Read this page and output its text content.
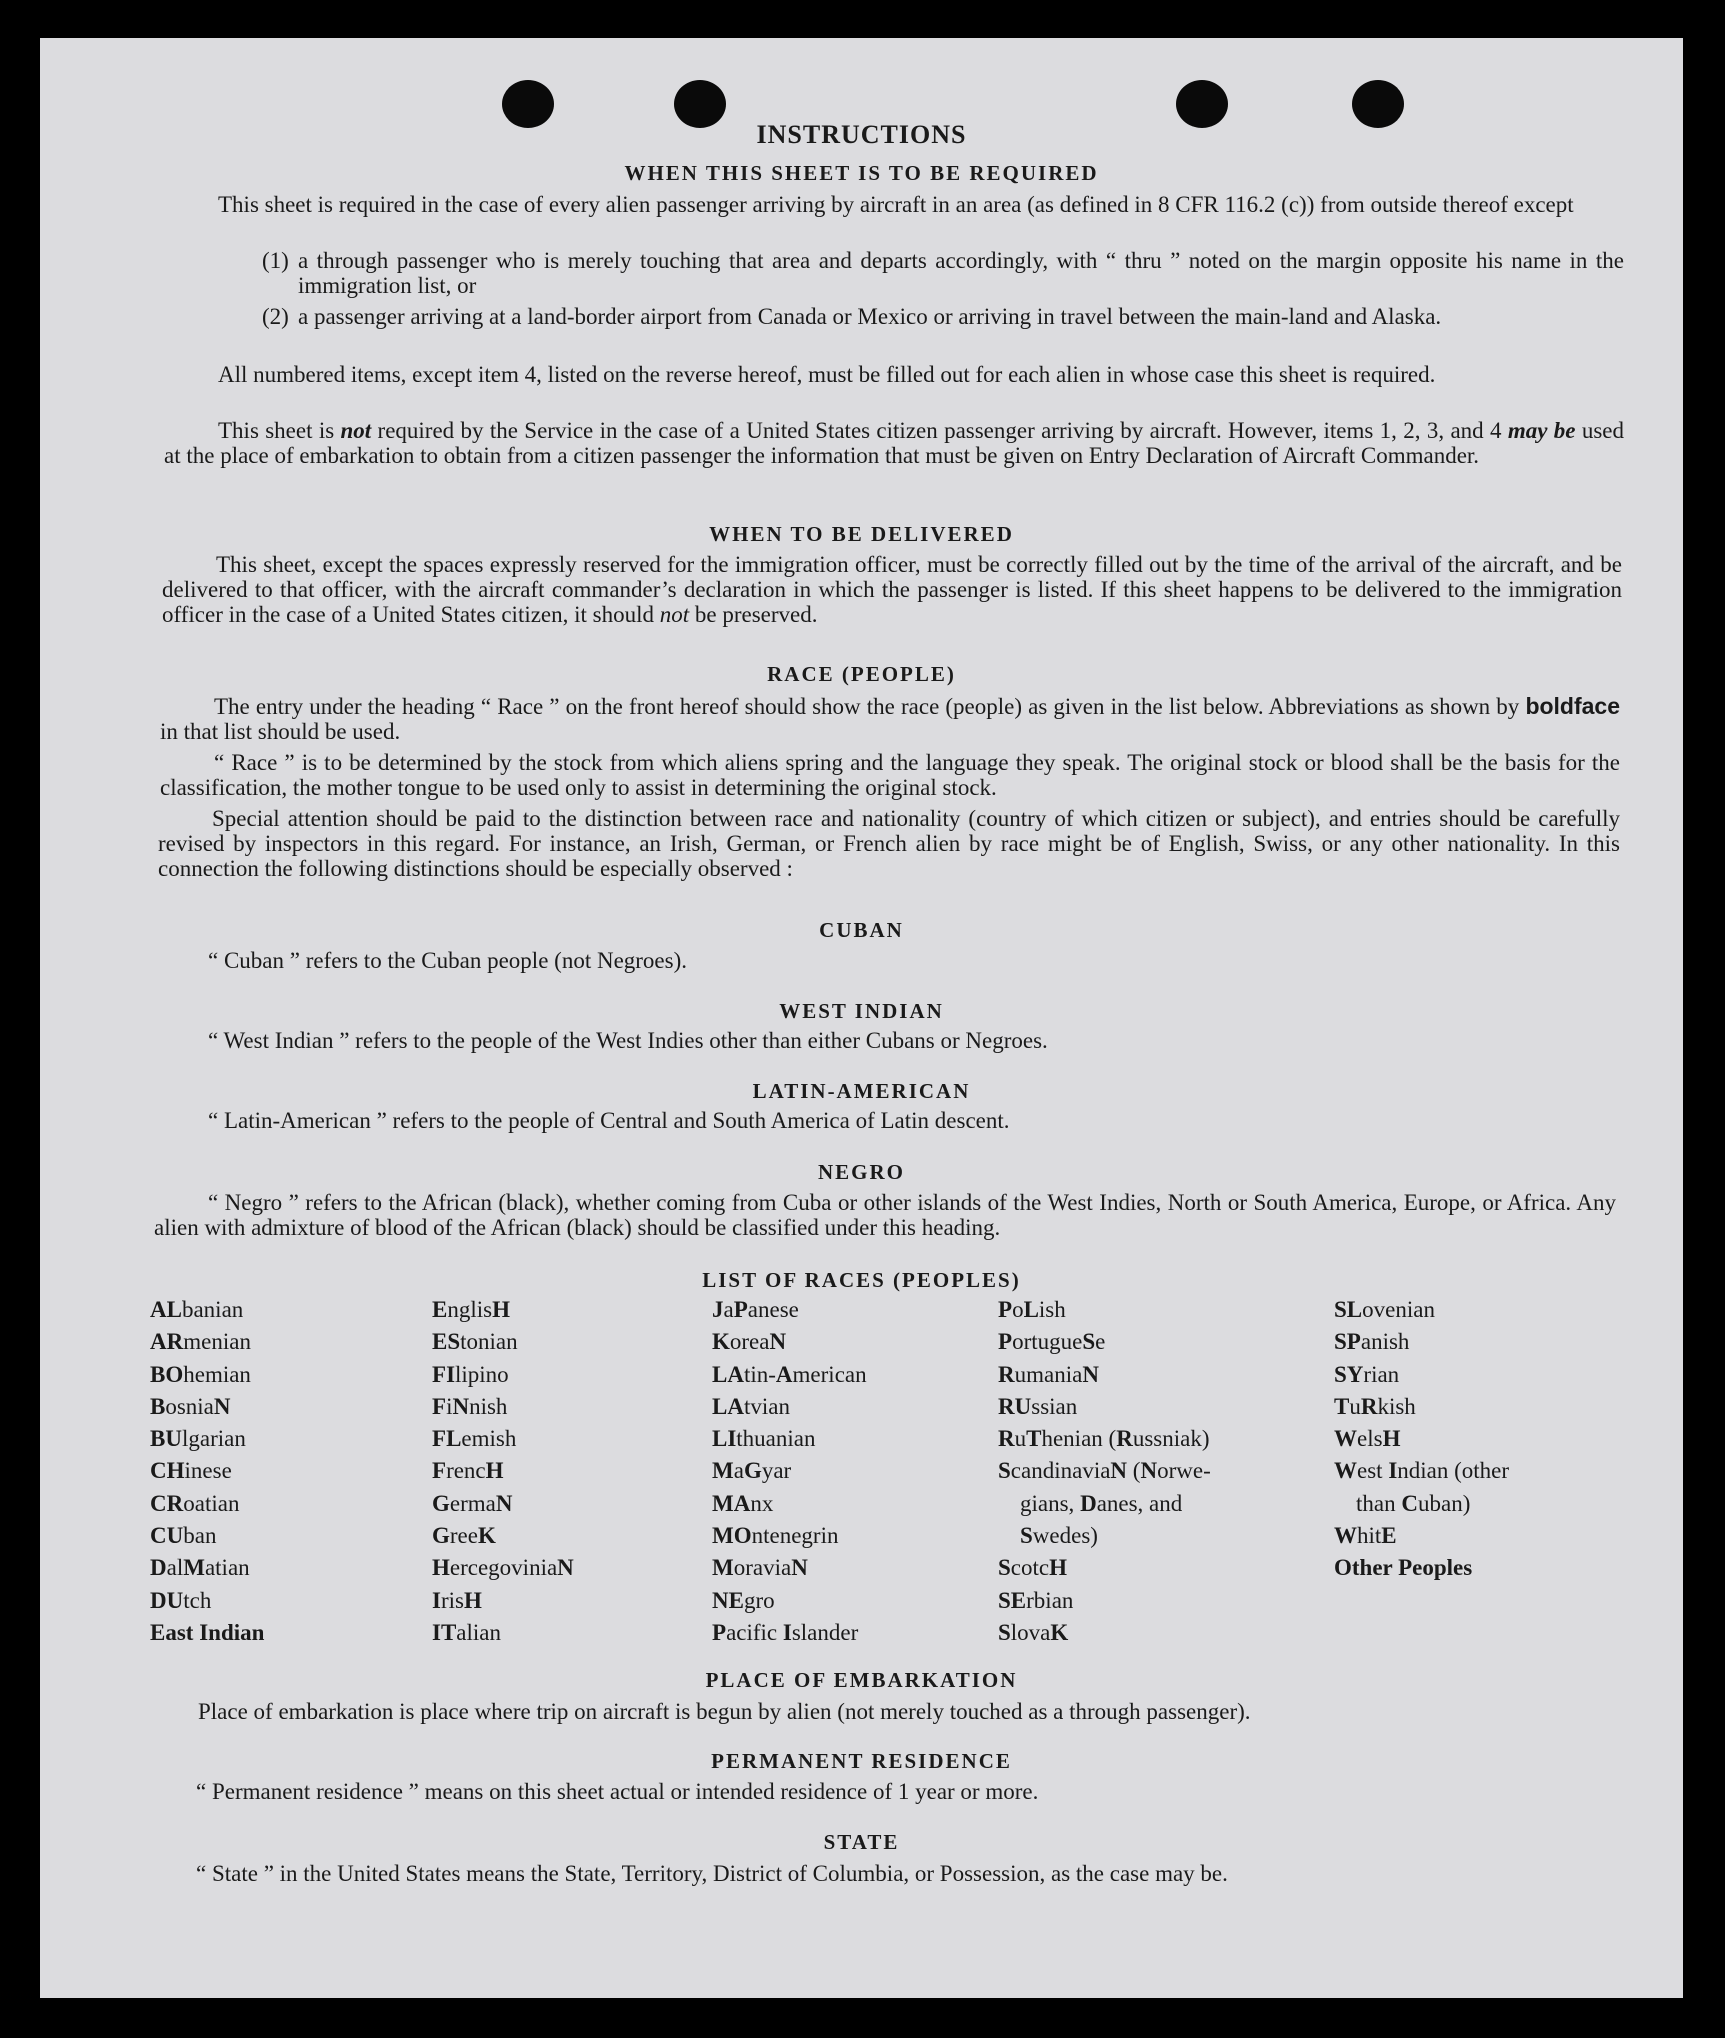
INSTRUCTIONS
WHEN THIS SHEET IS TO BE REQUIRED
This sheet is required in the case of every alien passenger arriving by aircraft in an area (as defined in 8 CFR 116.2 (c)) from outside thereof except
(1) a through passenger who is merely touching that area and departs accordingly, with “ thru ” noted on the margin opposite his name in the immigration list, or
(2) a passenger arriving at a land-border airport from Canada or Mexico or arriving in travel between the main-land and Alaska.
All numbered items, except item 4, listed on the reverse hereof, must be filled out for each alien in whose case this sheet is required.
This sheet is not required by the Service in the case of a United States citizen passenger arriving by aircraft. However, items 1, 2, 3, and 4 may be used at the place of embarkation to obtain from a citizen passenger the information that must be given on Entry Declaration of Aircraft Commander.
WHEN TO BE DELIVERED
This sheet, except the spaces expressly reserved for the immigration officer, must be correctly filled out by the time of the arrival of the aircraft, and be delivered to that officer, with the aircraft commander’s declaration in which the passenger is listed. If this sheet happens to be delivered to the immigration officer in the case of a United States citizen, it should not be preserved.
RACE (PEOPLE)
The entry under the heading “ Race ” on the front hereof should show the race (people) as given in the list below. Abbreviations as shown by boldface in that list should be used.
“ Race ” is to be determined by the stock from which aliens spring and the language they speak. The original stock or blood shall be the basis for the classification, the mother tongue to be used only to assist in determining the original stock.
Special attention should be paid to the distinction between race and nationality (country of which citizen or subject), and entries should be carefully revised by inspectors in this regard. For instance, an Irish, German, or French alien by race might be of English, Swiss, or any other nationality. In this connection the following distinctions should be especially observed :
CUBAN
“ Cuban ” refers to the Cuban people (not Negroes).
WEST INDIAN
“ West Indian ” refers to the people of the West Indies other than either Cubans or Negroes.
LATIN-AMERICAN
“ Latin-American ” refers to the people of Central and South America of Latin descent.
NEGRO
“ Negro ” refers to the African (black), whether coming from Cuba or other islands of the West Indies, North or South America, Europe, or Africa. Any alien with admixture of blood of the African (black) should be classified under this heading.
LIST OF RACES (PEOPLES)
ALbanian
ARmenian
BOhemian
BosniaN
BUlgarian
CHinese
CRoatian
CUban
DalMatian
DUtch
East Indian
EnglisH
EStonian
FIlipino
FiNnish
FLemish
FrencH
GermaN
GreeK
HercegoviniaN
IrisH
ITalian
JaPanese
KoreaN
LAtin-American
LAtvian
LIthuanian
MaGyar
MAnx
MOntenegrin
MoraviaN
NEgro
Pacific Islander
PoLish
PortugueSe
RumaniaN
RUssian
RuThenian (Russniak)
ScandinaviaN (Norwe-
gians, Danes, and
Swedes)
ScotcH
SErbian
SlovaK
SLovenian
SPanish
SYrian
TuRkish
WelsH
West Indian (other
than Cuban)
WhitE
Other Peoples
PLACE OF EMBARKATION
Place of embarkation is place where trip on aircraft is begun by alien (not merely touched as a through passenger).
PERMANENT RESIDENCE
“ Permanent residence ” means on this sheet actual or intended residence of 1 year or more.
STATE
“ State ” in the United States means the State, Territory, District of Columbia, or Possession, as the case may be.
